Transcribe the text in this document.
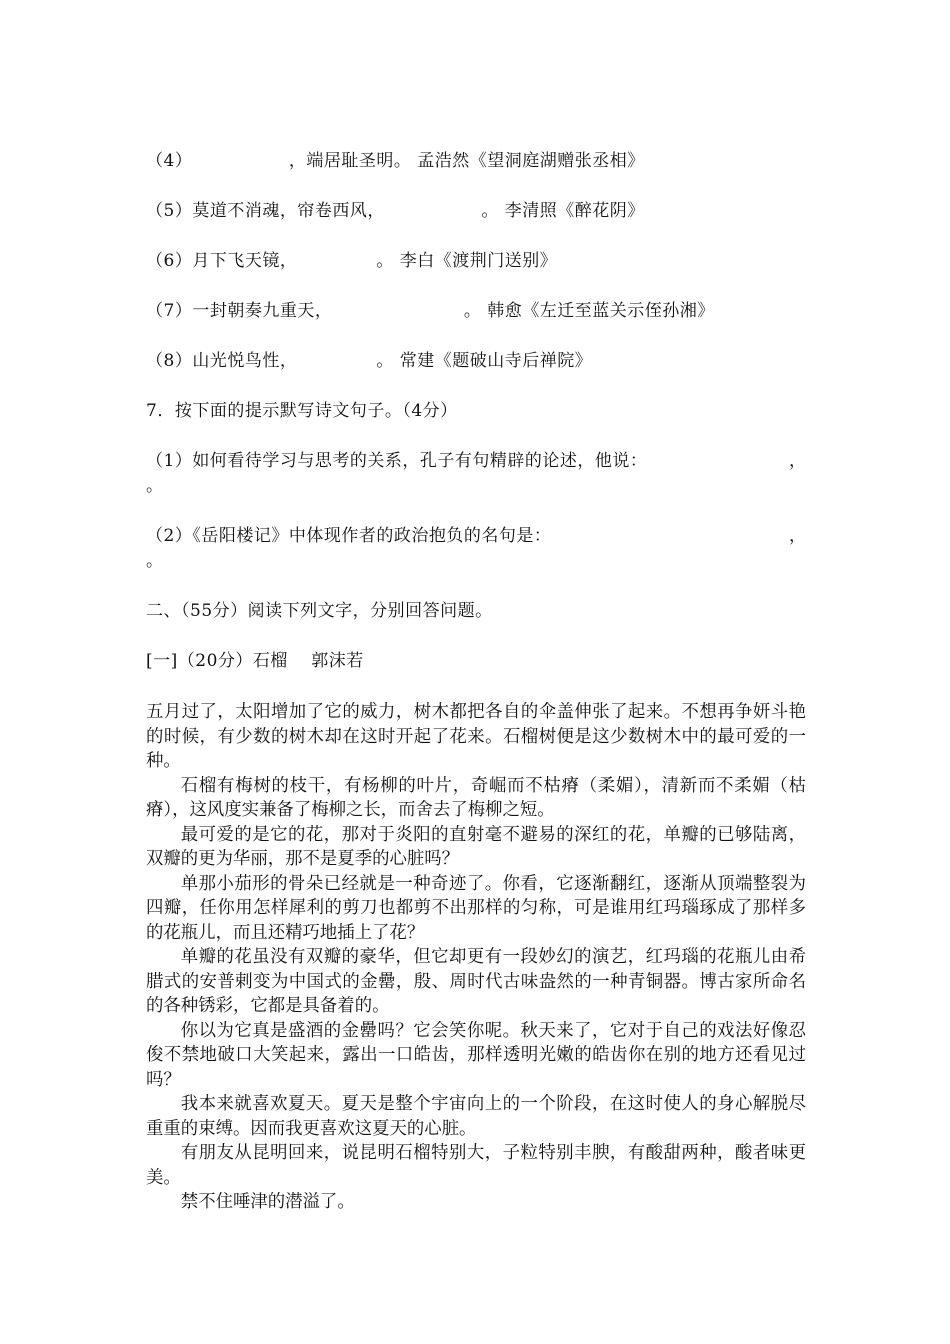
（4）　　　　　　，端居耻圣明。 孟浩然《望洞庭湖赠张丞相》
（5）莫道不消魂，帘卷西风，　　　　　　。 李清照《醉花阴》
（6）月下飞天镜，　　　　　。 李白《渡荆门送别》
（7）一封朝奏九重天，　　　　　　　　。 韩愈《左迁至蓝关示侄孙湘》
（8）山光悦鸟性，　　　　　。 常建《题破山寺后禅院》
7．按下面的提示默写诗文句子。（4分）
（1）如何看待学习与思考的关系，孔子有句精辟的论述，他说：	，
。
（2）《岳阳楼记》中体现作者的政治抱负的名句是：	，
。
二、（55分）阅读下列文字，分别回答问题。
[一]（20分）石榴　 郭沫若

五月过了，太阳增加了它的威力，树木都把各自的伞盖伸张了起来。不想再争妍斗艳的时候，有少数的树木却在这时开起了花来。石榴树便是这少数树木中的最可爱的一种。

石榴有梅树的枝干，有杨柳的叶片，奇崛而不枯瘠（柔媚），清新而不柔媚（枯瘠），这风度实兼备了梅柳之长，而舍去了梅柳之短。

最可爱的是它的花，那对于炎阳的直射毫不避易的深红的花，单瓣的已够陆离，双瓣的更为华丽，那不是夏季的心脏吗？

单那小茄形的骨朵已经就是一种奇迹了。你看，它逐渐翻红，逐渐从顶端整裂为四瓣，任你用怎样犀利的剪刀也都剪不出那样的匀称，可是谁用红玛瑙琢成了那样多的花瓶儿，而且还精巧地插上了花？

单瓣的花虽没有双瓣的豪华，但它却更有一段妙幻的演艺，红玛瑙的花瓶儿由希腊式的安普剌变为中国式的金罍，殷、周时代古味盎然的一种青铜器。博古家所命名的各种锈彩，它都是具备着的。

你以为它真是盛酒的金罍吗？它会笑你呢。秋天来了，它对于自己的戏法好像忍俊不禁地破口大笑起来，露出一口皓齿，那样透明光嫩的皓齿你在别的地方还看见过吗？

我本来就喜欢夏天。夏天是整个宇宙向上的一个阶段，在这时使人的身心解脱尽重重的束缚。因而我更喜欢这夏天的心脏。

有朋友从昆明回来，说昆明石榴特别大，子粒特别丰腴，有酸甜两种，酸者味更美。

禁不住唾津的潜溢了。
